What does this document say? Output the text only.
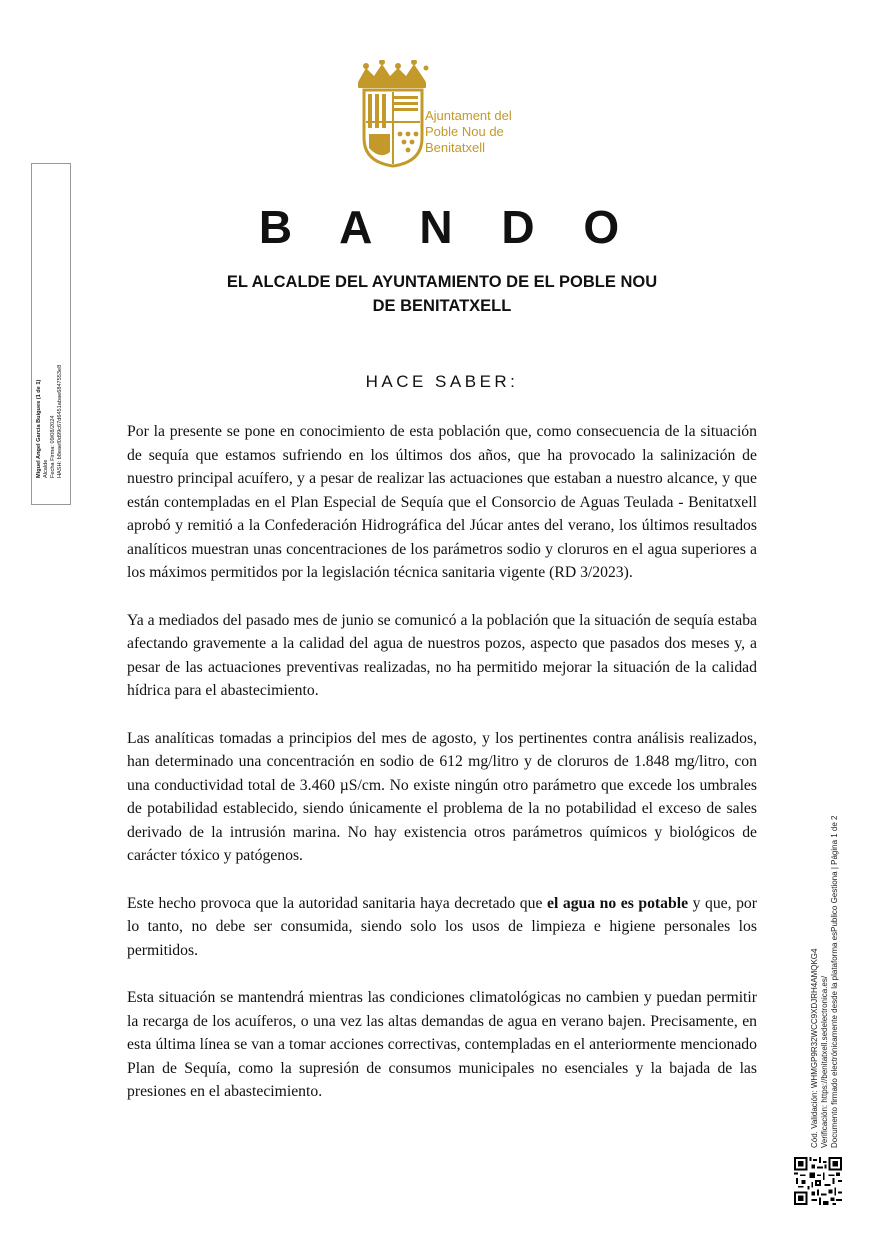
Ajuntament del
Poble Nou de
Benitatxell
B A N D O
EL ALCALDE DEL AYUNTAMIENTO DE EL POBLE NOU
DE BENITATXELL
HACE SABER:

Por la presente se pone en conocimiento de esta población que, como consecuencia de la situación de sequía que estamos sufriendo en los últimos dos años, que ha provocado la salinización de nuestro principal acuífero, y a pesar de realizar las actuaciones que estaban a nuestro alcance, y que están contempladas en el Plan Especial de Sequía que el Consorcio de Aguas Teulada - Benitatxell aprobó y remitió a la Confederación Hidrográfica del Júcar antes del verano, los últimos resultados analíticos muestran unas concentraciones de los parámetros sodio y cloruros en el agua superiores a los máximos permitidos por la legislación técnica sanitaria vigente (RD 3/2023).

Ya a mediados del pasado mes de junio se comunicó a la población que la situación de sequía estaba afectando gravemente a la calidad del agua de nuestros pozos, aspecto que pasados dos meses y, a pesar de las actuaciones preventivas realizadas, no ha permitido mejorar la situación de la calidad hídrica para el abastecimiento.

Las analíticas tomadas a principios del mes de agosto, y los pertinentes contra análisis realizados, han determinado una concentración en sodio de 612 mg/litro y de cloruros de 1.848 mg/litro, con una conductividad total de 3.460 µS/cm. No existe ningún otro parámetro que excede los umbrales de potabilidad establecido, siendo únicamente el problema de la no potabilidad el exceso de sales derivado de la intrusión marina. No hay existencia otros parámetros químicos y biológicos de carácter tóxico y patógenos.

Este hecho provoca que la autoridad sanitaria haya decretado que el agua no es potable y que, por lo tanto, no debe ser consumida, siendo solo los usos de limpieza e higiene personales los permitidos.

Esta situación se mantendrá mientras las condiciones climatológicas no cambien y puedan permitir la recarga de los acuíferos, o una vez las altas demandas de agua en verano bajen. Precisamente, en esta última línea se van a tomar acciones correctivas, contempladas en el anteriormente mencionado Plan de Sequía, como la supresión de consumos municipales no esenciales y la bajada de las presiones en el abastecimiento.

Miguel Angel Garcia Buigues (1 de 1) Alcalde Fecha Firma: 09/08/2024 HASH: b8eaef0d99c67d6451abae6847553e8
Cód. Validación: WHMGP9R32WCC9XDJRH4AMQKG4 Verificación: https://benitatxell.sedelectronica.es/ Documento firmado electrónicamente desde la plataforma esPublico Gestiona | Página 1 de 2
